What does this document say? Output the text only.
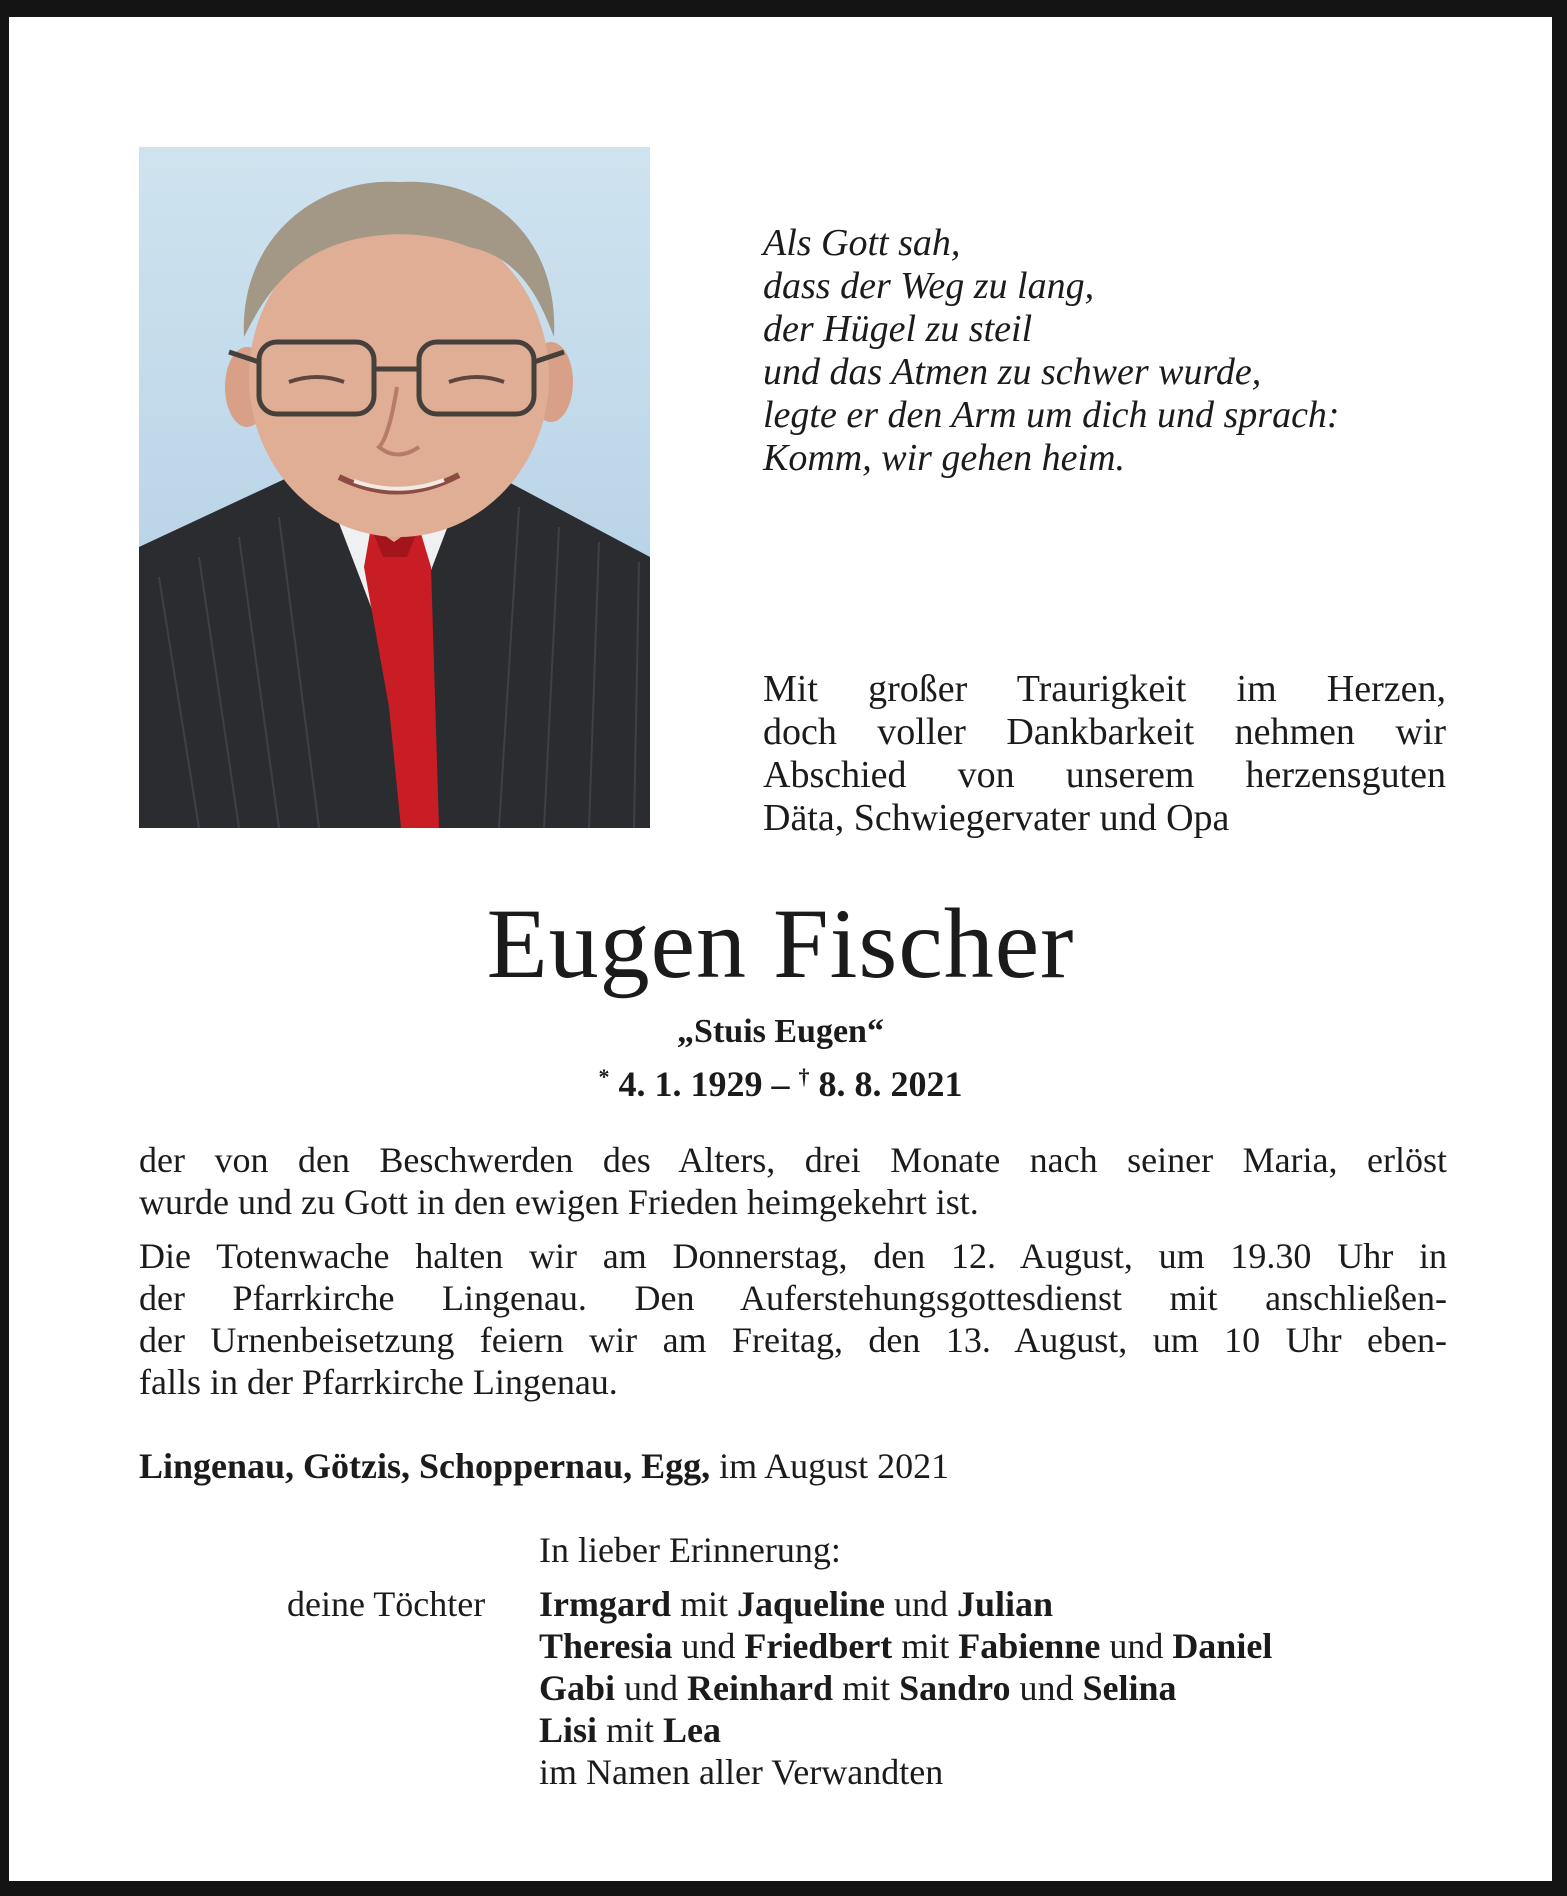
Als Gott sah,
dass der Weg zu lang,
der Hügel zu steil
und das Atmen zu schwer wurde,
legte er den Arm um dich und sprach:
Komm, wir gehen heim.

Mit großer Traurigkeit im Herzen,
doch voller Dankbarkeit nehmen wir
Abschied von unserem herzensguten
Däta, Schwiegervater und Opa

Eugen Fischer

„Stuis Eugen“

* 4. 1. 1929 – † 8. 8. 2021

der von den Beschwerden des Alters, drei Monate nach seiner Maria, erlöst
wurde und zu Gott in den ewigen Frieden heimgekehrt ist.

Die Totenwache halten wir am Donnerstag, den 12. August, um 19.30 Uhr in
der Pfarrkirche Lingenau. Den Auferstehungsgottesdienst mit anschließen-
der Urnenbeisetzung feiern wir am Freitag, den 13. August, um 10 Uhr eben-
falls in der Pfarrkirche Lingenau.

Lingenau, Götzis, Schoppernau, Egg, im August 2021

In lieber Erinnerung:

deine Töchter Irmgard mit Jaqueline und Julian
Theresia und Friedbert mit Fabienne und Daniel
Gabi und Reinhard mit Sandro und Selina
Lisi mit Lea
im Namen aller Verwandten
